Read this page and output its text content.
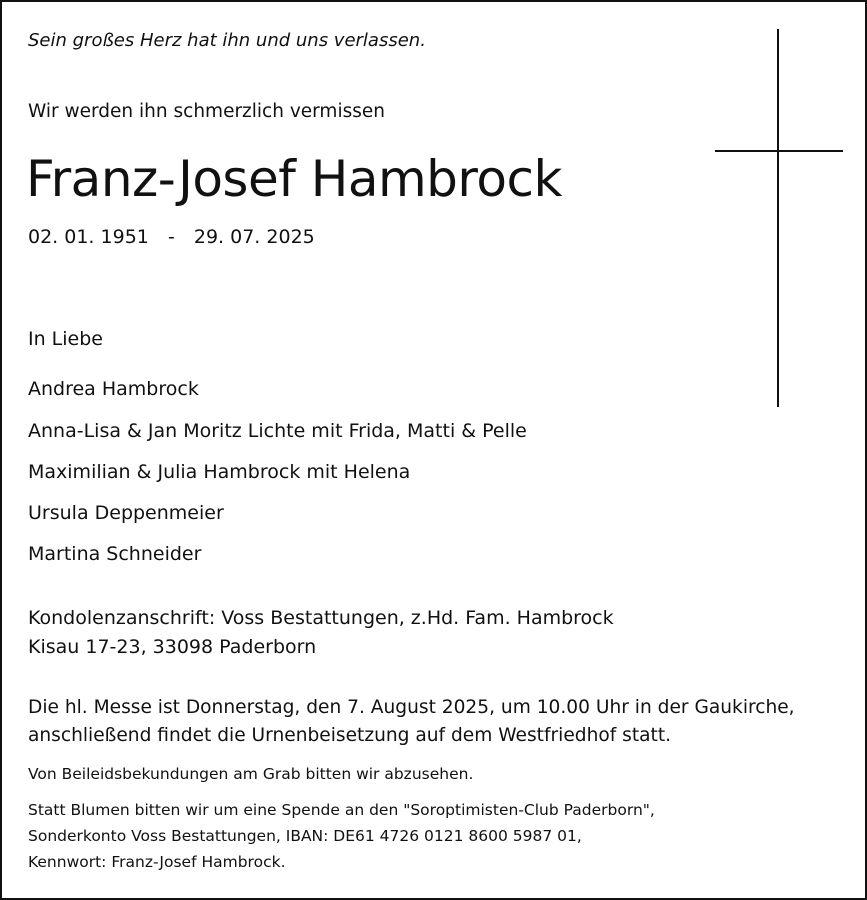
Sein großes Herz hat ihn und uns verlassen.
Wir werden ihn schmerzlich vermissen
Franz-Josef Hambrock
02. 01. 1951 - 29. 07. 2025
In Liebe
Andrea Hambrock
Anna-Lisa & Jan Moritz Lichte mit Frida, Matti & Pelle
Maximilian & Julia Hambrock mit Helena
Ursula Deppenmeier
Martina Schneider
Kondolenzanschrift: Voss Bestattungen, z.Hd. Fam. Hambrock
Kisau 17-23, 33098 Paderborn
Die hl. Messe ist Donnerstag, den 7. August 2025, um 10.00 Uhr in der Gaukirche,
anschließend findet die Urnenbeisetzung auf dem Westfriedhof statt.
Von Beileidsbekundungen am Grab bitten wir abzusehen.
Statt Blumen bitten wir um eine Spende an den "Soroptimisten-Club Paderborn",
Sonderkonto Voss Bestattungen, IBAN: DE61 4726 0121 8600 5987 01,
Kennwort: Franz-Josef Hambrock.
